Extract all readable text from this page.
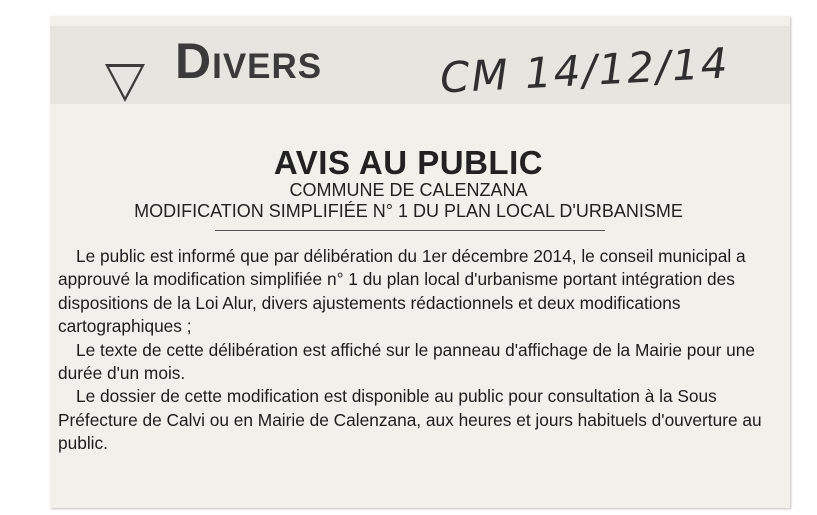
Divers	CM 14/12/14
AVIS AU PUBLIC
COMMUNE DE CALENZANA
MODIFICATION SIMPLIFIÉE N° 1 DU PLAN LOCAL D'URBANISME

Le public est informé que par délibération du 1er décembre 2014, le conseil municipal a approuvé la modification simplifiée n° 1 du plan local d'urbanisme portant intégration des dispositions de la Loi Alur, divers ajustements rédactionnels et deux modifications cartographiques ;

Le texte de cette délibération est affiché sur le panneau d'affichage de la Mairie pour une durée d'un mois.

Le dossier de cette modification est disponible au public pour consultation à la Sous Préfecture de Calvi ou en Mairie de Calenzana, aux heures et jours habituels d'ouverture au public.
